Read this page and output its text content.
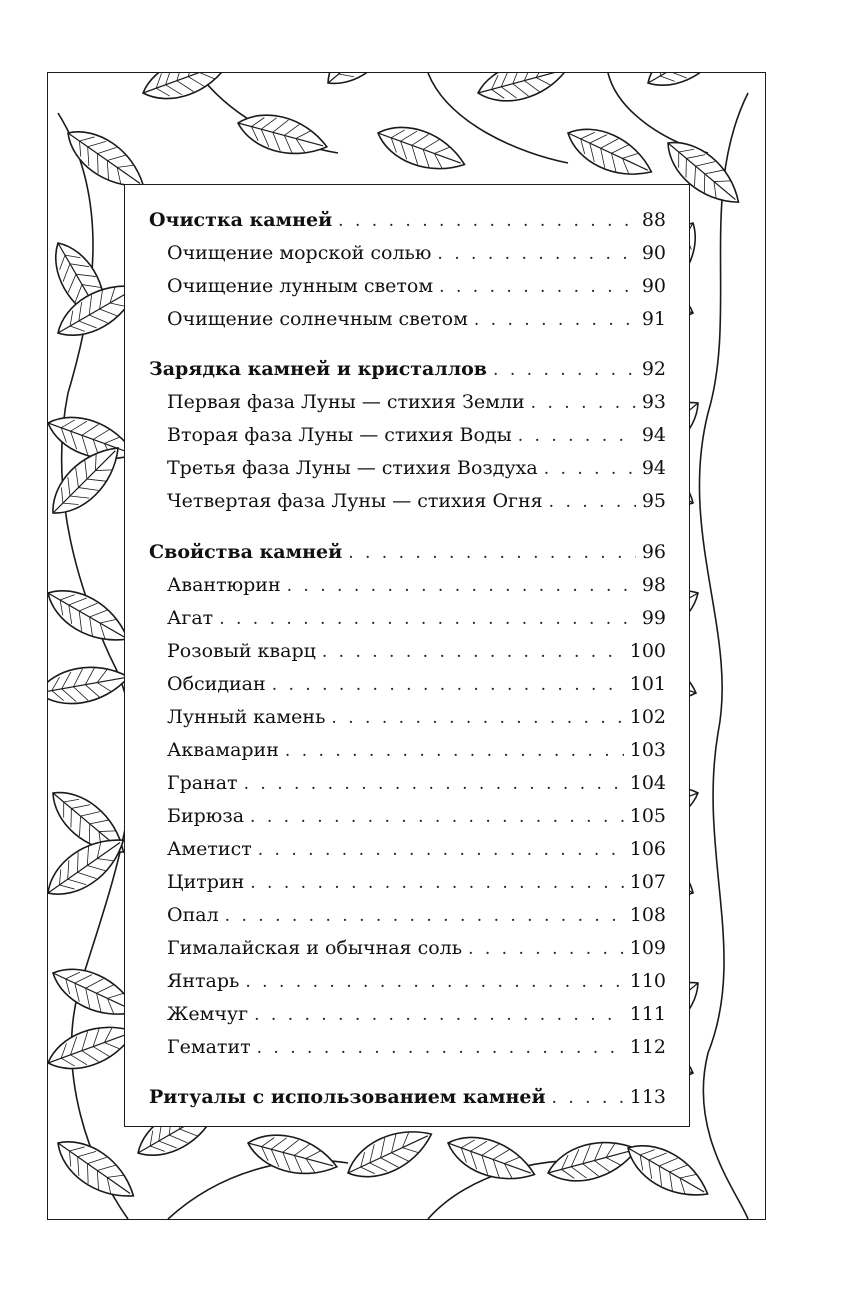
Очистка камней . . .	88
Очищение морской солью . . .	90
Очищение лунным светом . . .	90
Очищение солнечным светом . . .	91
Зарядка камней и кристаллов . . .	92
Первая фаза Луны — стихия Земли . . .	93
Вторая фаза Луны — стихия Воды . . .	94
Третья фаза Луны — стихия Воздуха . . .	94
Четвертая фаза Луны — стихия Огня . . .	95
Свойства камней . . .	96
Авантюрин . . .	98
Агат . . .	99
Розовый кварц . . .	100
Обсидиан . . .	101
Лунный камень . . .	102
Аквамарин . . .	103
Гранат . . .	104
Бирюза . . .	105
Аметист . . .	106
Цитрин . . .	107
Опал . . .	108
Гималайская и обычная соль . . .	109
Янтарь . . .	110
Жемчуг . . .	111
Гематит . . .	112
Ритуалы с использованием камней . . .	113
